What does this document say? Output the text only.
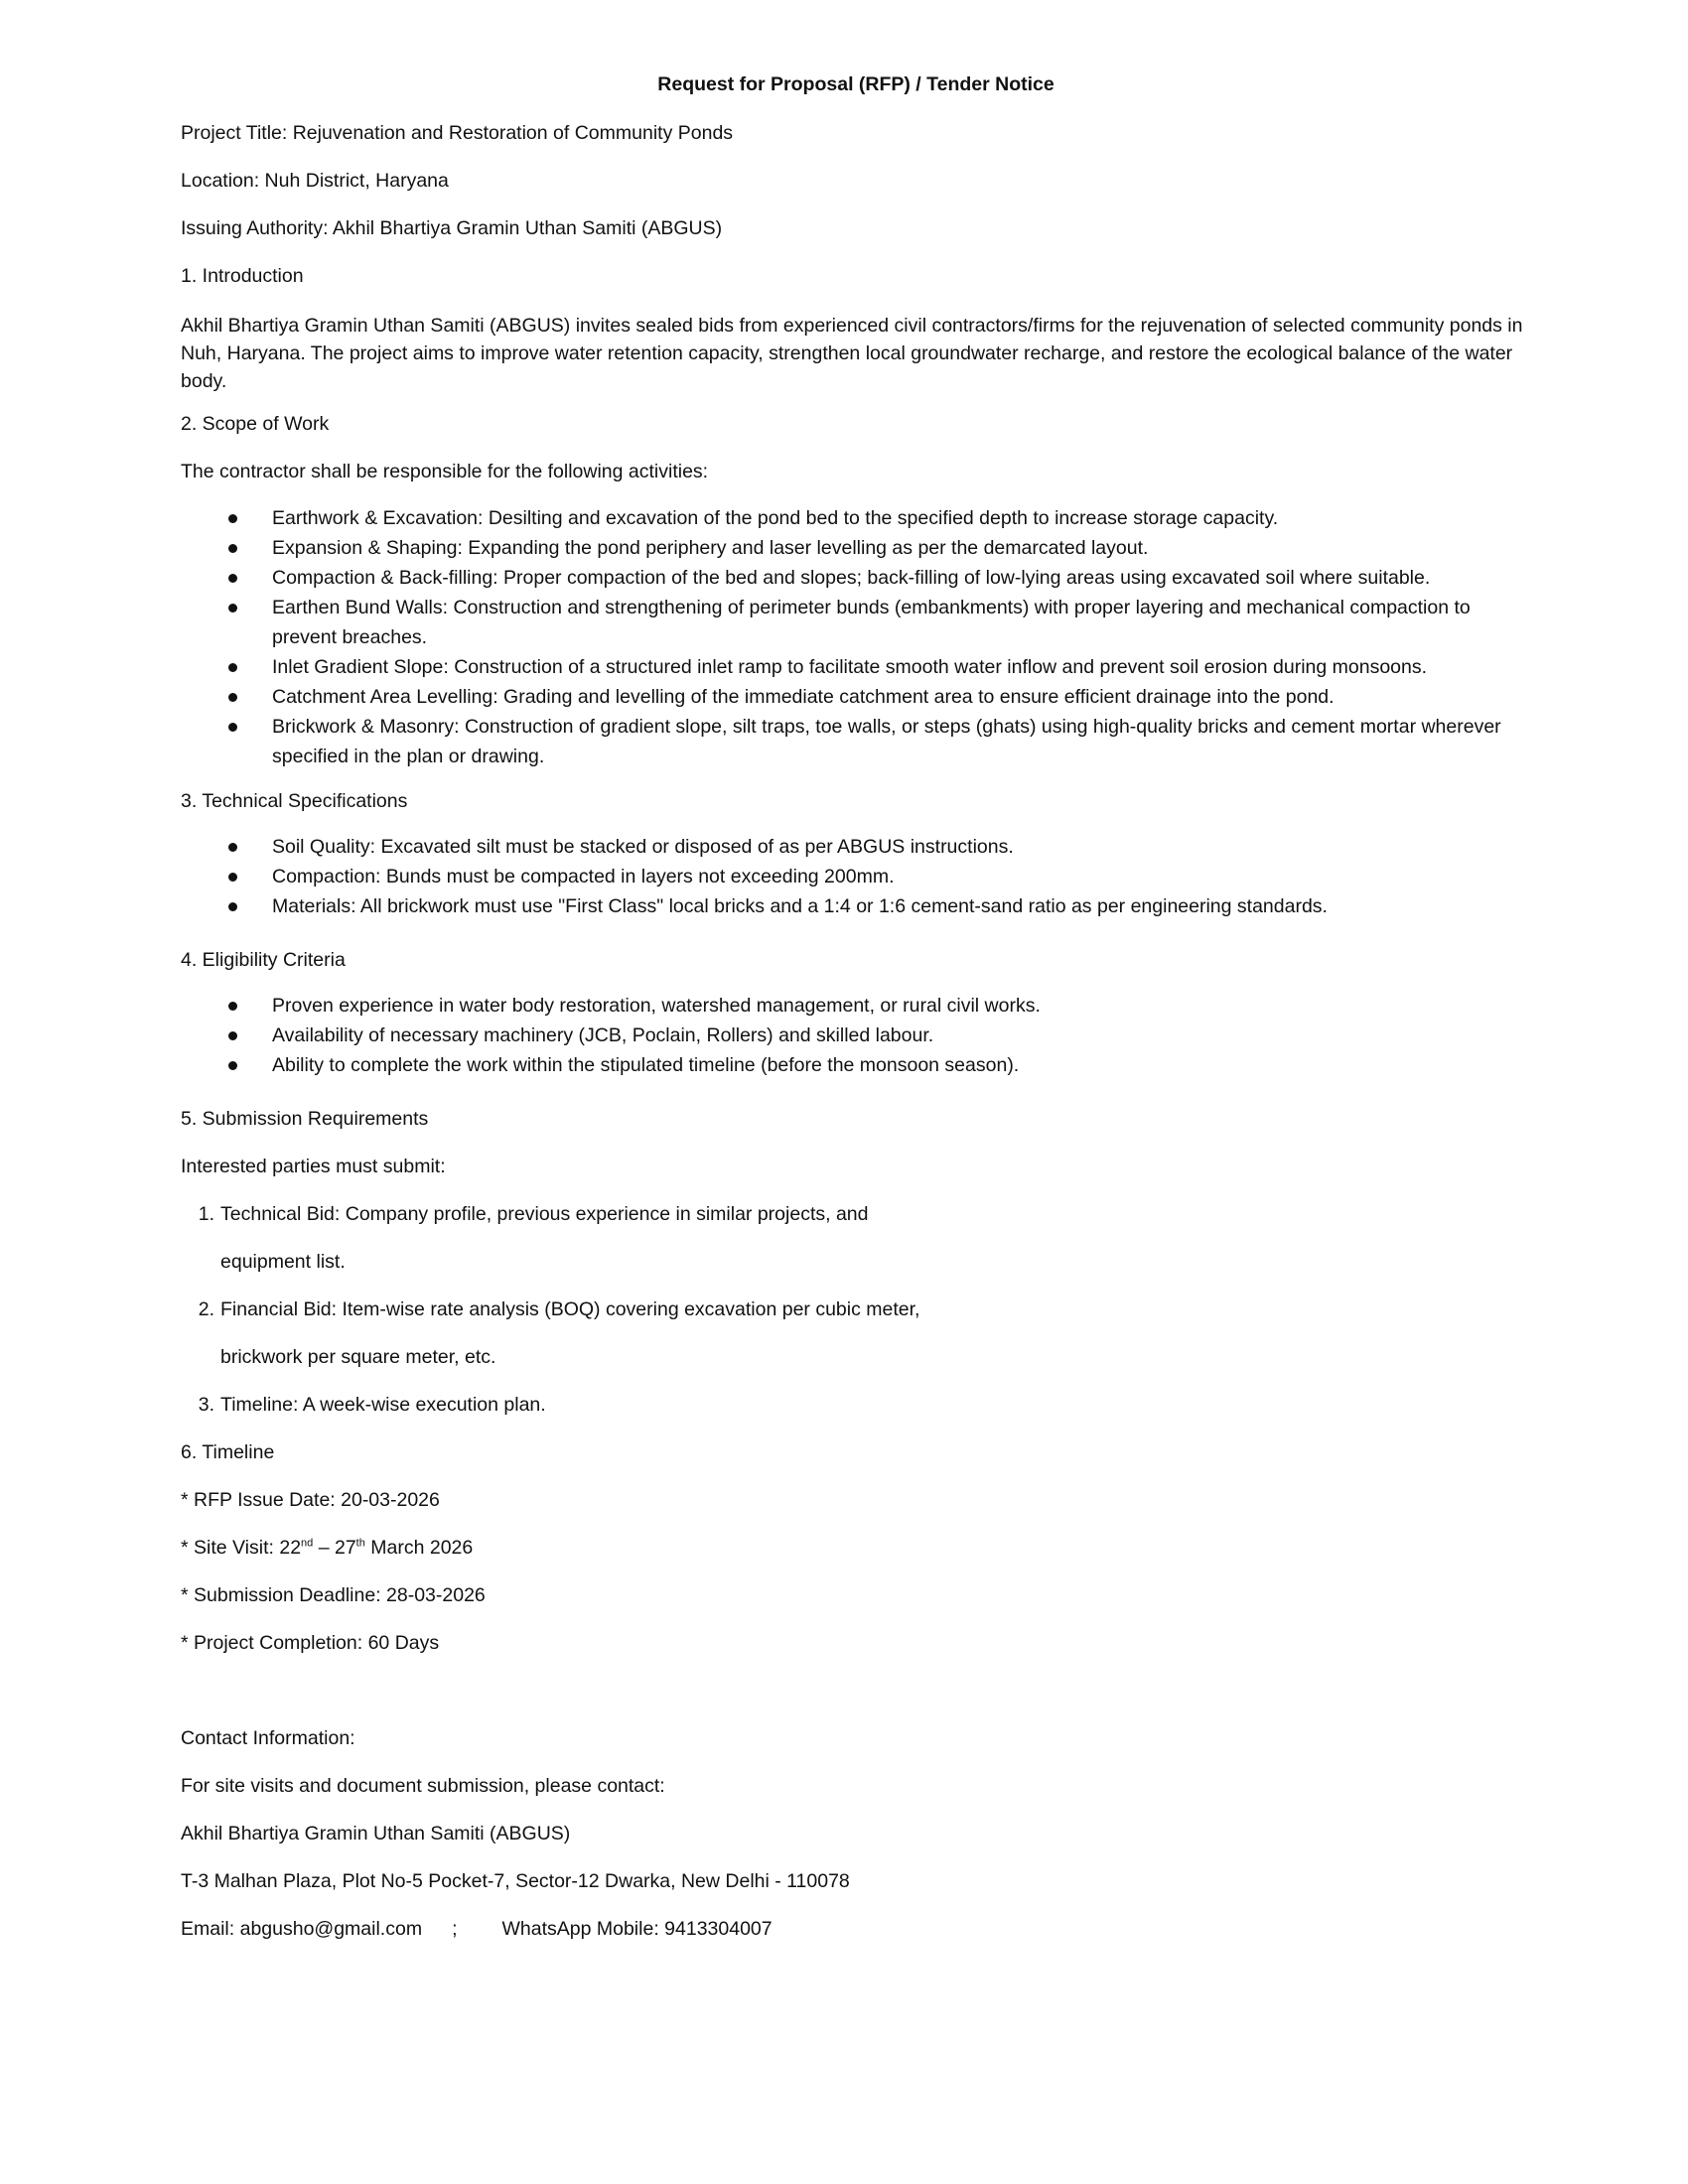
Request for Proposal (RFP) / Tender Notice
Project Title: Rejuvenation and Restoration of Community Ponds
Location: Nuh District, Haryana
Issuing Authority: Akhil Bhartiya Gramin Uthan Samiti (ABGUS)
1. Introduction
Akhil Bhartiya Gramin Uthan Samiti (ABGUS) invites sealed bids from experienced civil contractors/firms for the rejuvenation of selected community ponds in Nuh, Haryana. The project aims to improve water retention capacity, strengthen local groundwater recharge, and restore the ecological balance of the water body.
2. Scope of Work
The contractor shall be responsible for the following activities:
Earthwork & Excavation: Desilting and excavation of the pond bed to the specified depth to increase storage capacity.
Expansion & Shaping: Expanding the pond periphery and laser levelling as per the demarcated layout.
Compaction & Back-filling: Proper compaction of the bed and slopes; back-filling of low-lying areas using excavated soil where suitable.
Earthen Bund Walls: Construction and strengthening of perimeter bunds (embankments) with proper layering and mechanical compaction to prevent breaches.
Inlet Gradient Slope: Construction of a structured inlet ramp to facilitate smooth water inflow and prevent soil erosion during monsoons.
Catchment Area Levelling: Grading and levelling of the immediate catchment area to ensure efficient drainage into the pond.
Brickwork & Masonry: Construction of gradient slope, silt traps, toe walls, or steps (ghats) using high-quality bricks and cement mortar wherever specified in the plan or drawing.
3. Technical Specifications
Soil Quality: Excavated silt must be stacked or disposed of as per ABGUS instructions.
Compaction: Bunds must be compacted in layers not exceeding 200mm.
Materials: All brickwork must use "First Class" local bricks and a 1:4 or 1:6 cement-sand ratio as per engineering standards.
4. Eligibility Criteria
Proven experience in water body restoration, watershed management, or rural civil works.
Availability of necessary machinery (JCB, Poclain, Rollers) and skilled labour.
Ability to complete the work within the stipulated timeline (before the monsoon season).
5. Submission Requirements
Interested parties must submit:
1. Technical Bid: Company profile, previous experience in similar projects, and
equipment list.
2. Financial Bid: Item-wise rate analysis (BOQ) covering excavation per cubic meter,
brickwork per square meter, etc.
3. Timeline: A week-wise execution plan.
6. Timeline
* RFP Issue Date: 20-03-2026
* Site Visit: 22nd – 27th March 2026
* Submission Deadline: 28-03-2026
* Project Completion: 60 Days
Contact Information:
For site visits and document submission, please contact:
Akhil Bhartiya Gramin Uthan Samiti (ABGUS)
T-3 Malhan Plaza, Plot No-5 Pocket-7, Sector-12 Dwarka, New Delhi - 110078
Email: abgusho@gmail.com ; WhatsApp Mobile: 9413304007
